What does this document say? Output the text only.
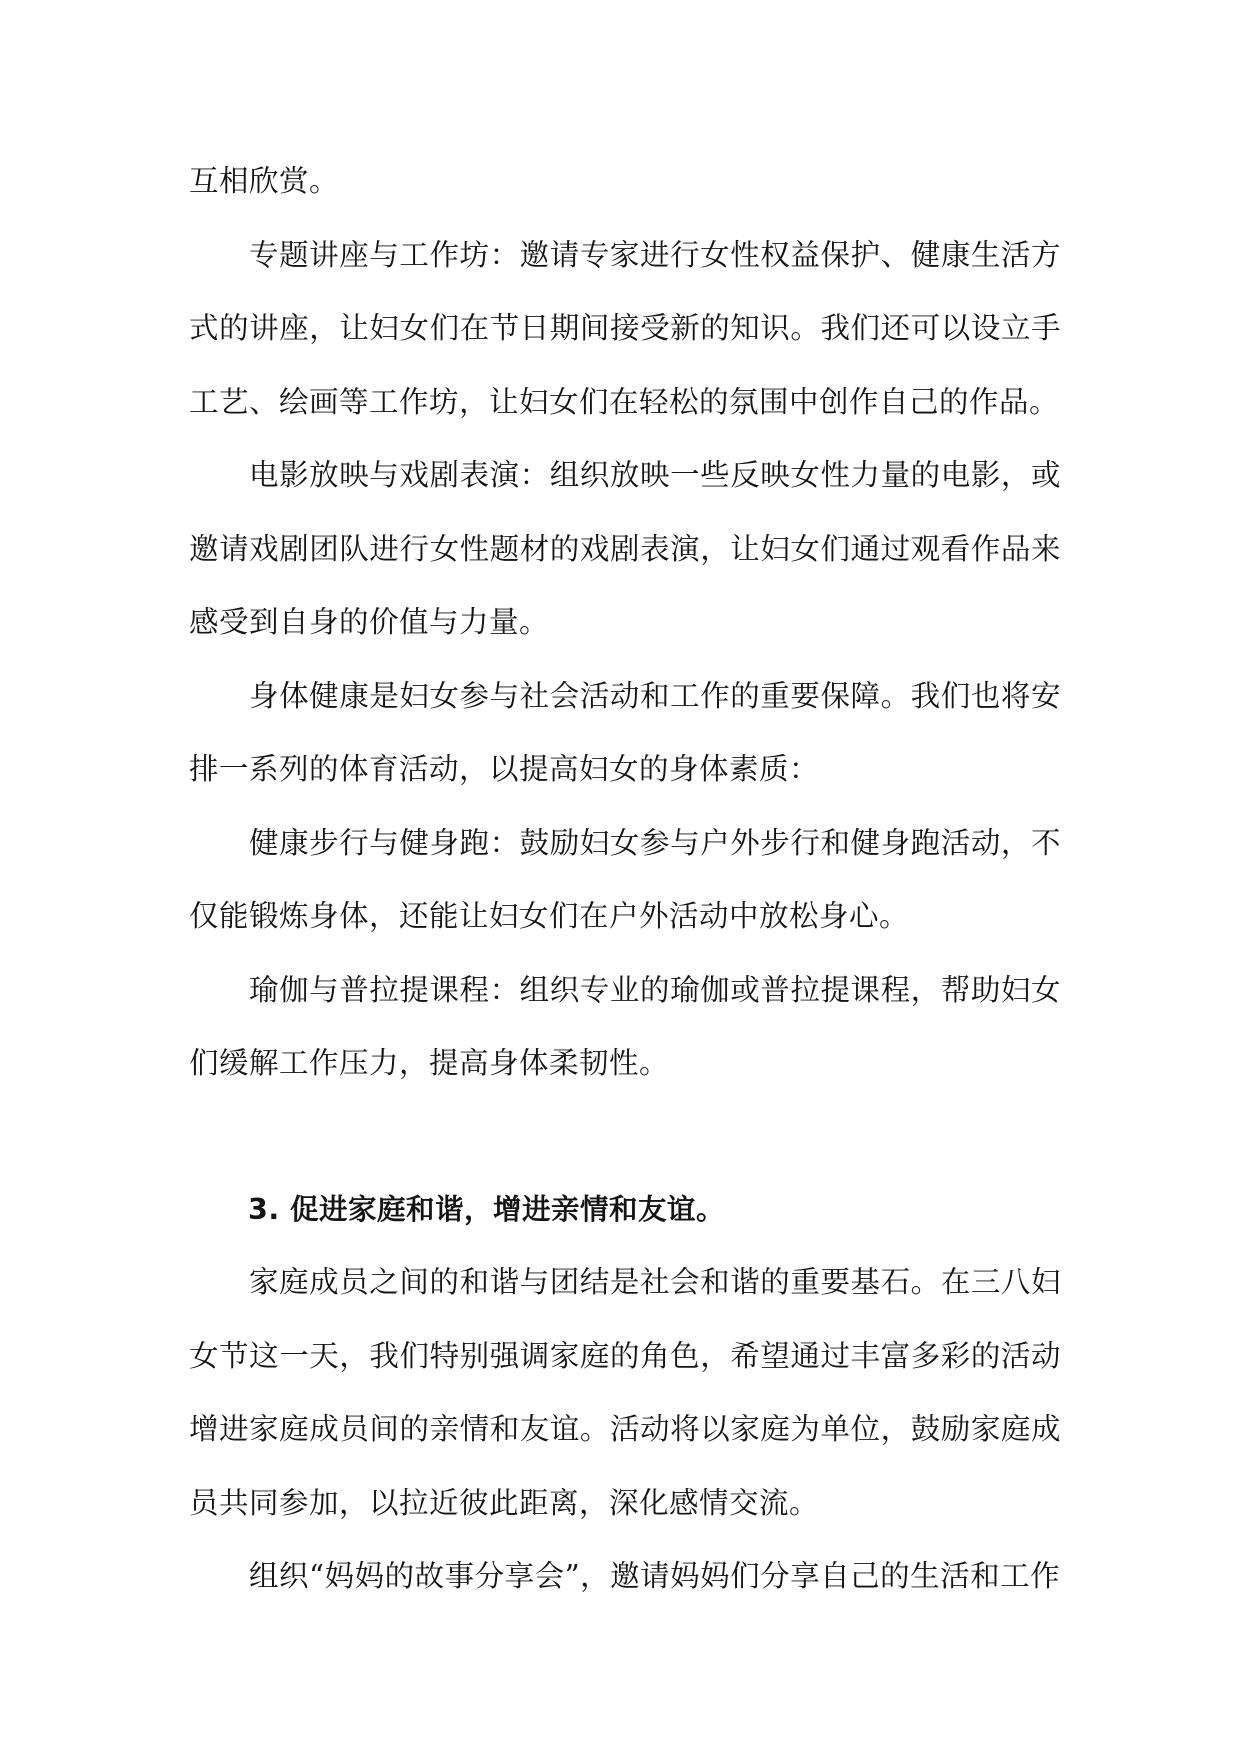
互相欣赏。

专题讲座与工作坊：邀请专家进行女性权益保护、健康生活方式的讲座，让妇女们在节日期间接受新的知识。我们还可以设立手工艺、绘画等工作坊，让妇女们在轻松的氛围中创作自己的作品。

电影放映与戏剧表演：组织放映一些反映女性力量的电影，或邀请戏剧团队进行女性题材的戏剧表演，让妇女们通过观看作品来感受到自身的价值与力量。

身体健康是妇女参与社会活动和工作的重要保障。我们也将安排一系列的体育活动，以提高妇女的身体素质：

健康步行与健身跑：鼓励妇女参与户外步行和健身跑活动，不仅能锻炼身体，还能让妇女们在户外活动中放松身心。

瑜伽与普拉提课程：组织专业的瑜伽或普拉提课程，帮助妇女们缓解工作压力，提高身体柔韧性。

3. 促进家庭和谐，增进亲情和友谊。

家庭成员之间的和谐与团结是社会和谐的重要基石。在三八妇女节这一天，我们特别强调家庭的角色，希望通过丰富多彩的活动增进家庭成员间的亲情和友谊。活动将以家庭为单位，鼓励家庭成员共同参加，以拉近彼此距离，深化感情交流。

组织“妈妈的故事分享会”，邀请妈妈们分享自己的生活和工作
